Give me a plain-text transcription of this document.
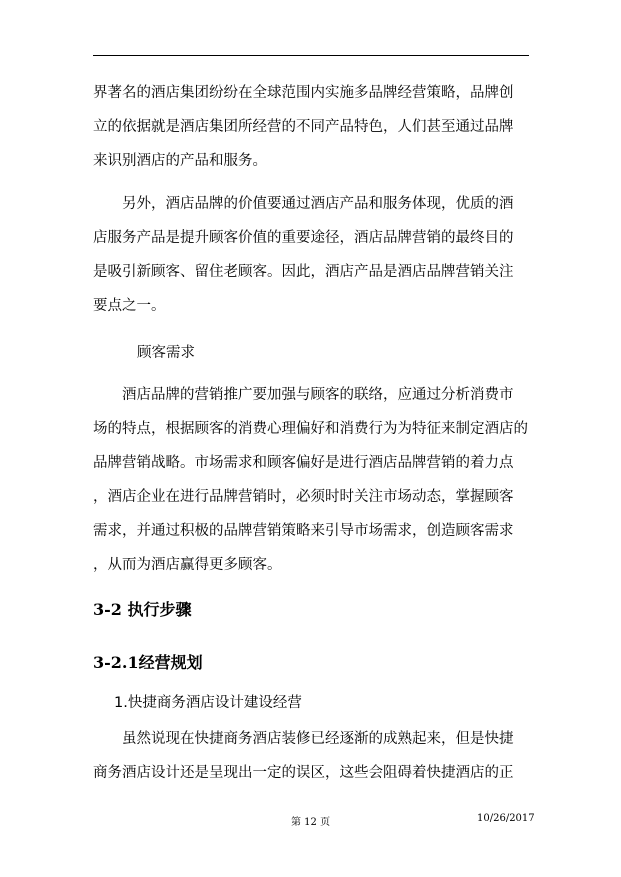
界著名的酒店集团纷纷在全球范围内实施多品牌经营策略，品牌创
立的依据就是酒店集团所经营的不同产品特色，人们甚至通过品牌
来识别酒店的产品和服务。
另外，酒店品牌的价值要通过酒店产品和服务体现，优质的酒
店服务产品是提升顾客价值的重要途径，酒店品牌营销的最终目的
是吸引新顾客、留住老顾客。因此，酒店产品是酒店品牌营销关注
要点之一。
顾客需求
酒店品牌的营销推广要加强与顾客的联络，应通过分析消费市
场的特点，根据顾客的消费心理偏好和消费行为为特征来制定酒店的
品牌营销战略。市场需求和顾客偏好是进行酒店品牌营销的着力点
，酒店企业在进行品牌营销时，必须时时关注市场动态，掌握顾客
需求，并通过积极的品牌营销策略来引导市场需求，创造顾客需求
，从而为酒店赢得更多顾客。
3-2 执行步骤
3-2.1经营规划
1.快捷商务酒店设计建设经营
虽然说现在快捷商务酒店装修已经逐渐的成熟起来，但是快捷
商务酒店设计还是呈现出一定的误区，这些会阻碍着快捷酒店的正
第 12 页	10/26/2017
